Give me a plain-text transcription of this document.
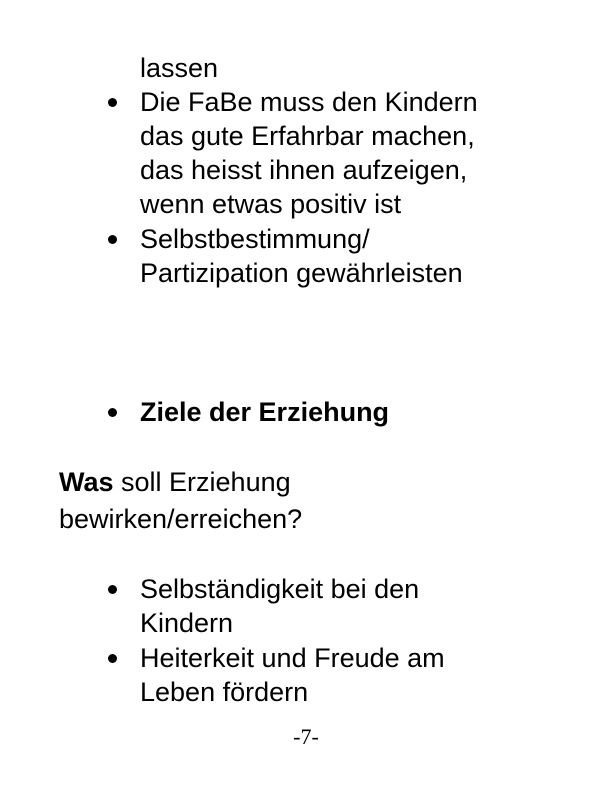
lassen
Die FaBe muss den Kindern
das gute Erfahrbar machen,
das heisst ihnen aufzeigen,
wenn etwas positiv ist
Selbstbestimmung/
Partizipation gewährleisten
Ziele der Erziehung
Was soll Erziehung
bewirken/erreichen?
Selbständigkeit bei den
Kindern
Heiterkeit und Freude am
Leben fördern
-7-
